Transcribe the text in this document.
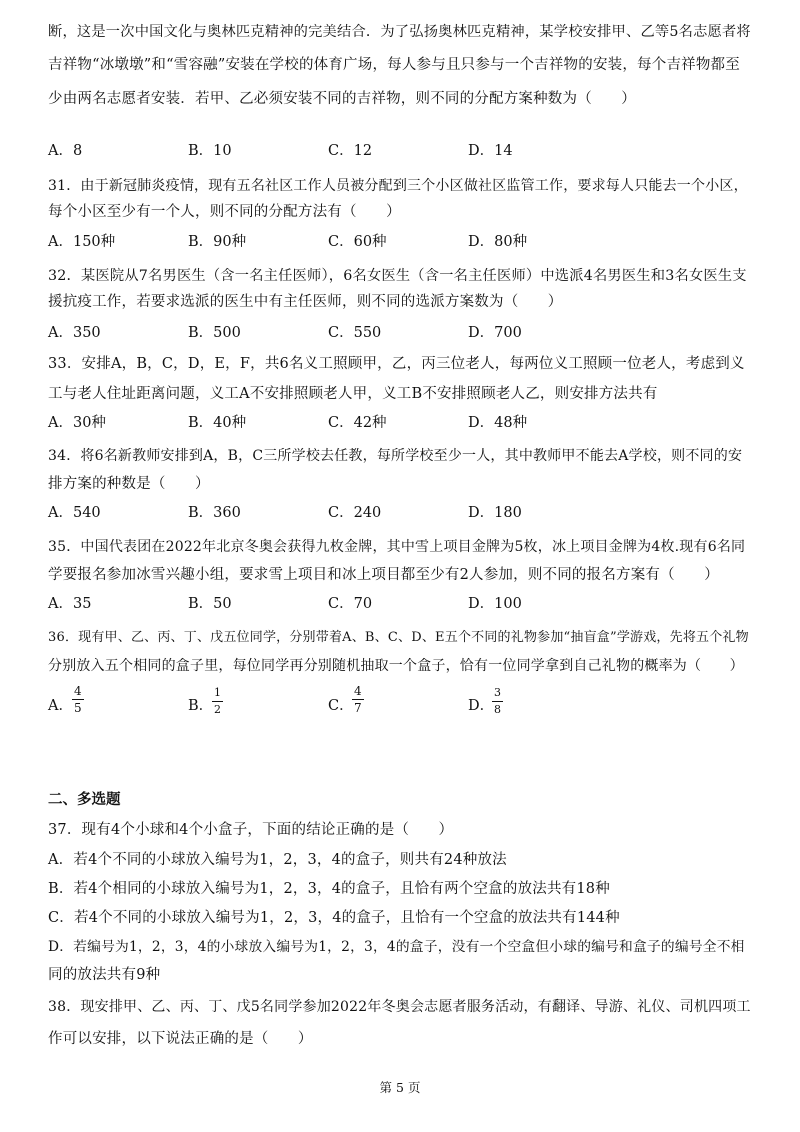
断，这是一次中国文化与奥林匹克精神的完美结合．为了弘扬奥林匹克精神，某学校安排甲、乙等5名志愿者将
吉祥物“冰墩墩”和“雪容融”安装在学校的体育广场，每人参与且只参与一个吉祥物的安装，每个吉祥物都至
少由两名志愿者安装．若甲、乙必须安装不同的吉祥物，则不同的分配方案种数为（　　）
A．8	B．10	C．12	D．14
31．由于新冠肺炎疫情，现有五名社区工作人员被分配到三个小区做社区监管工作，要求每人只能去一个小区，
每个小区至少有一个人，则不同的分配方法有（　　）
A．150种	B．90种	C．60种	D．80种
32．某医院从7名男医生（含一名主任医师），6名女医生（含一名主任医师）中选派4名男医生和3名女医生支
援抗疫工作，若要求选派的医生中有主任医师，则不同的选派方案数为（　　）
A．350	B．500	C．550	D．700
33．安排A，B，C，D，E，F，共6名义工照顾甲，乙，丙三位老人，每两位义工照顾一位老人，考虑到义
工与老人住址距离问题，义工A不安排照顾老人甲，义工B不安排照顾老人乙，则安排方法共有
A．30种	B．40种	C．42种	D．48种
34．将6名新教师安排到A，B，C三所学校去任教，每所学校至少一人，其中教师甲不能去A学校，则不同的安
排方案的种数是（　　）
A．540	B．360	C．240	D．180
35．中国代表团在2022年北京冬奥会获得九枚金牌，其中雪上项目金牌为5枚，冰上项目金牌为4枚.现有6名同
学要报名参加冰雪兴趣小组，要求雪上项目和冰上项目都至少有2人参加，则不同的报名方案有（　　）
A．35	B．50	C．70	D．100
36．现有甲、乙、丙、丁、戊五位同学，分别带着A、B、C、D、E五个不同的礼物参加“抽盲盒”学游戏，先将五个礼物
分别放入五个相同的盒子里，每位同学再分别随机抽取一个盒子，恰有一位同学拿到自己礼物的概率为（　　）
A．
4
5	B．
1
2	C．
4
7	D．
3
8
二、多选题
37．现有4个小球和4个小盒子，下面的结论正确的是（　　）
A．若4个不同的小球放入编号为1，2，3，4的盒子，则共有24种放法
B．若4个相同的小球放入编号为1，2，3，4的盒子，且恰有两个空盒的放法共有18种
C．若4个不同的小球放入编号为1，2，3，4的盒子，且恰有一个空盒的放法共有144种
D．若编号为1，2，3，4的小球放入编号为1，2，3，4的盒子，没有一个空盒但小球的编号和盒子的编号全不相
同的放法共有9种
38．现安排甲、乙、丙、丁、戊5名同学参加2022年冬奥会志愿者服务活动，有翻译、导游、礼仪、司机四项工
作可以安排，以下说法正确的是（　　）
第 5 页
